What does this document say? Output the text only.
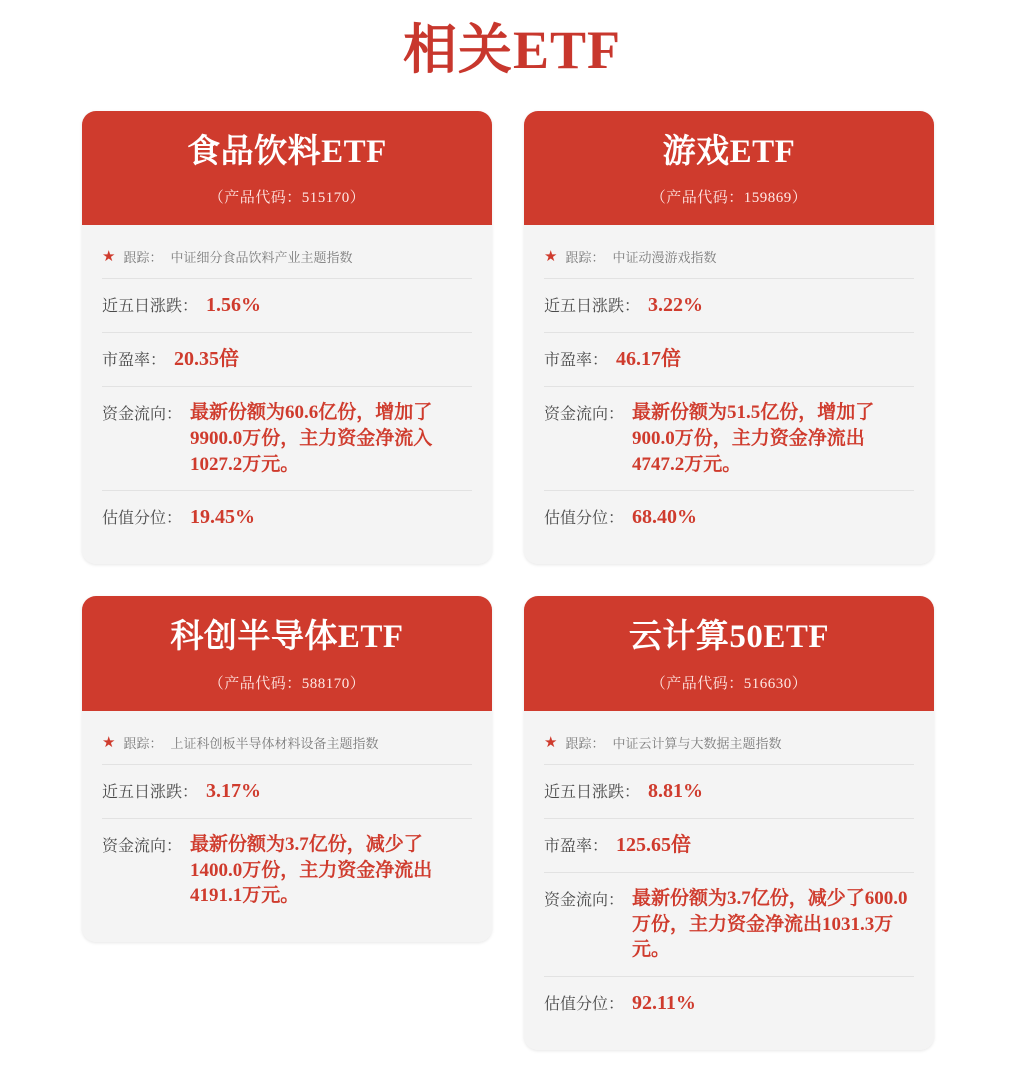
相关ETF
食品饮料ETF
（产品代码：515170）
★ 跟踪： 中证细分食品饮料产业主题指数
近五日涨跌： 1.56%
市盈率： 20.35倍
资金流向： 最新份额为60.6亿份，增加了9900.0万份，主力资金净流入1027.2万元。
估值分位： 19.45%
游戏ETF
（产品代码：159869）
★ 跟踪： 中证动漫游戏指数
近五日涨跌： 3.22%
市盈率： 46.17倍
资金流向： 最新份额为51.5亿份，增加了900.0万份，主力资金净流出4747.2万元。
估值分位： 68.40%
科创半导体ETF
（产品代码：588170）
★ 跟踪： 上证科创板半导体材料设备主题指数
近五日涨跌： 3.17%
资金流向： 最新份额为3.7亿份，减少了1400.0万份，主力资金净流出4191.1万元。
云计算50ETF
（产品代码：516630）
★ 跟踪： 中证云计算与大数据主题指数
近五日涨跌： 8.81%
市盈率： 125.65倍
资金流向： 最新份额为3.7亿份，减少了600.0万份，主力资金净流出1031.3万元。
估值分位： 92.11%
